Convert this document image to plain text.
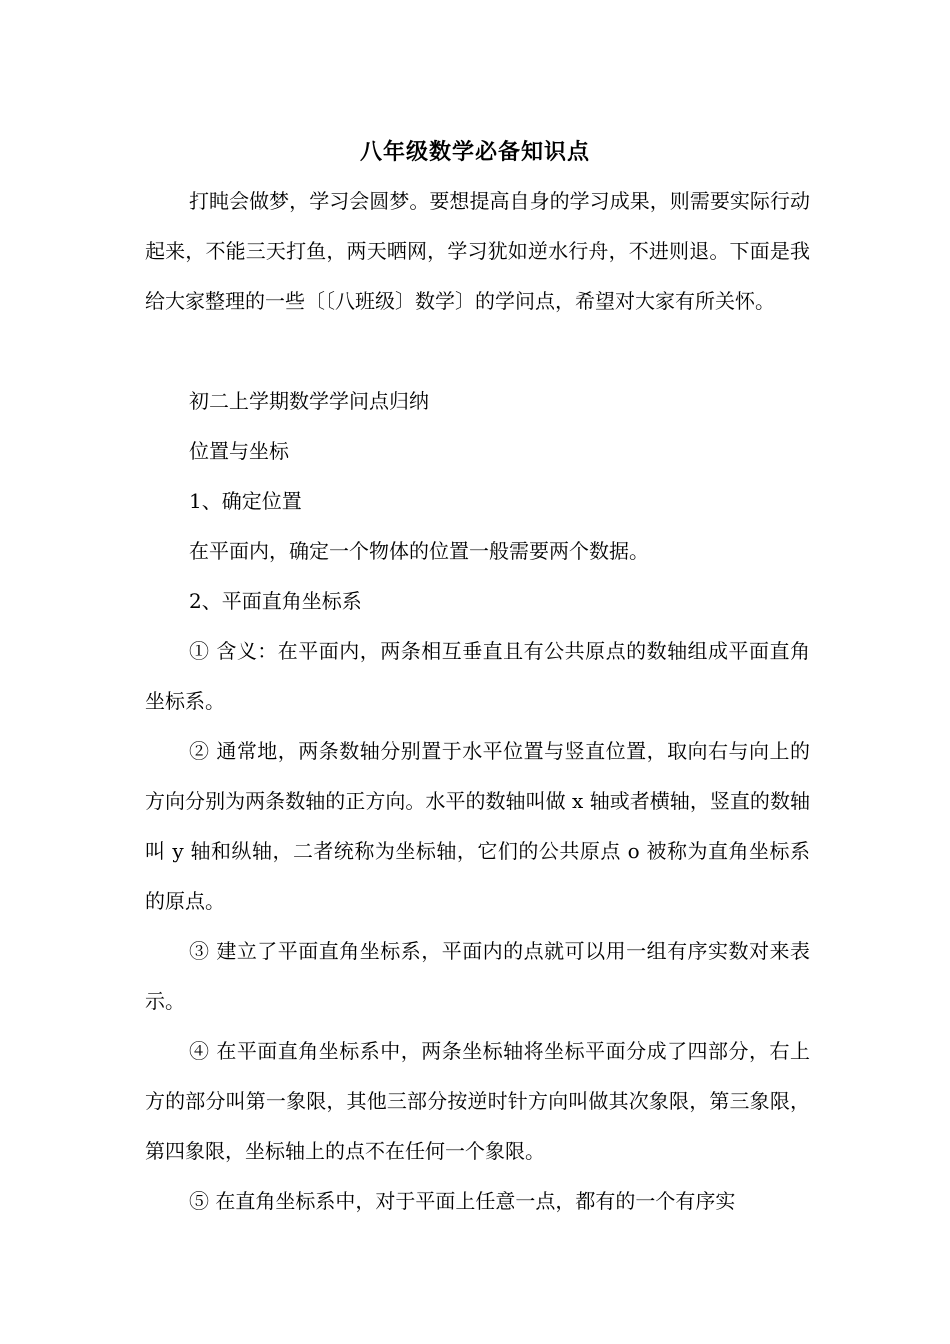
八年级数学必备知识点

打盹会做梦，学习会圆梦。要想提高自身的学习成果，则需要实际行动起来，不能三天打鱼，两天晒网，学习犹如逆水行舟，不进则退。下面是我给大家整理的一些〔〔八班级〕数学〕的学问点，希望对大家有所关怀。

初二上学期数学学问点归纳

位置与坐标

1、确定位置

在平面内，确定一个物体的位置一般需要两个数据。

2、平面直角坐标系

① 含义：在平面内，两条相互垂直且有公共原点的数轴组成平面直角坐标系。

② 通常地，两条数轴分别置于水平位置与竖直位置，取向右与向上的方向分别为两条数轴的正方向。水平的数轴叫做 x 轴或者横轴，竖直的数轴叫 y 轴和纵轴，二者统称为坐标轴，它们的公共原点 o 被称为直角坐标系的原点。

③ 建立了平面直角坐标系，平面内的点就可以用一组有序实数对来表示。

④ 在平面直角坐标系中，两条坐标轴将坐标平面分成了四部分，右上方的部分叫第一象限，其他三部分按逆时针方向叫做其次象限，第三象限，第四象限，坐标轴上的点不在任何一个象限。

⑤ 在直角坐标系中，对于平面上任意一点，都有的一个有序实
